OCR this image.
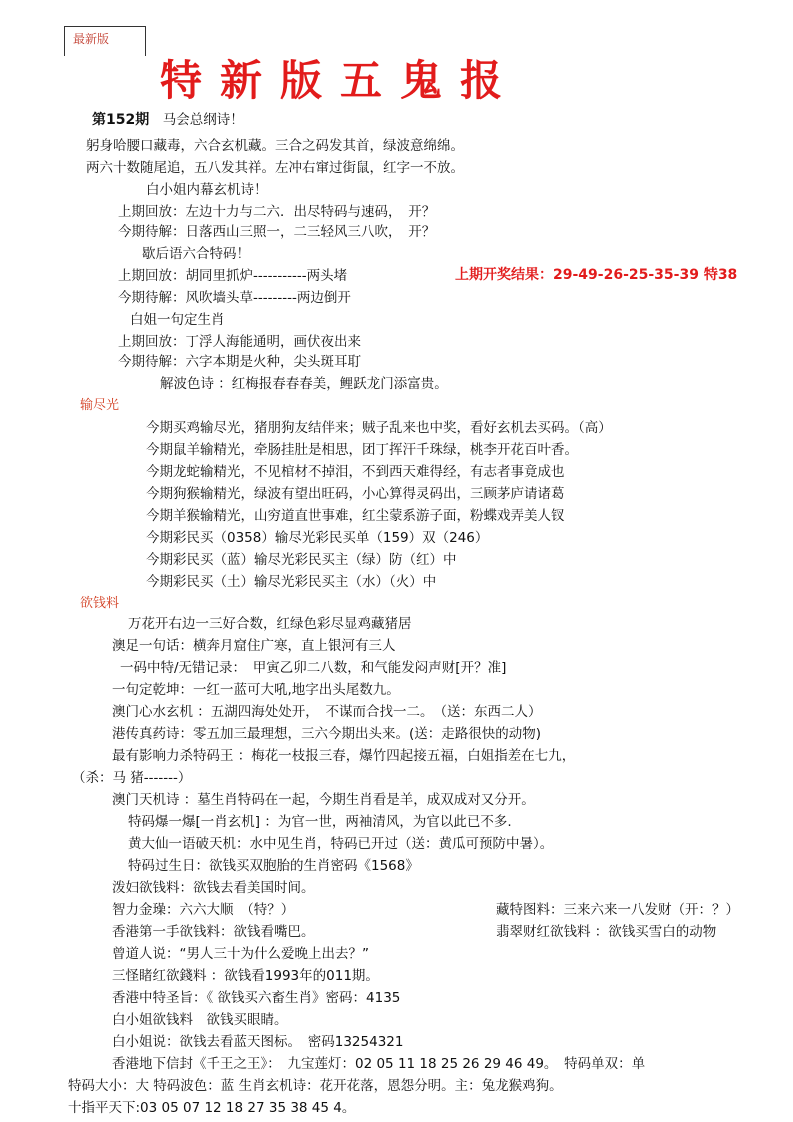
最新版
特新版五鬼报
第152期　 马会总纲诗！
躬身哈腰口藏毒，六合玄机藏。三合之码发其首，绿波意绵绵。
两六十数随尾追，五八发其祥。左冲右窜过街鼠，红字一不放。
白小姐内幕玄机诗！
上期回放：左边十力与二六．出尽特码与速码，　开？
今期待解：日落西山三照一，二三轻风三八吹，　开？
歇后语六合特码！
上期回放：胡同里抓炉-----------两头堵	上期开奖结果：29-49-26-25-35-39 特38
今期待解：风吹墙头草---------两边倒开
白姐一句定生肖
上期回放：丁浮人海能通明，画伏夜出来
今期待解：六字本期是火种，尖头斑耳耵
解波色诗 ：红梅报春春春美，鲤跃龙门添富贵。
输尽光
今期买鸡输尽光，猪朋狗友结伴来；贼子乱来也中奖，看好玄机去买码。（高）
今期鼠羊输精光，牵肠挂肚是相思，团丁挥汗千珠绿，桃李开花百叶香。
今期龙蛇输精光，不见棺材不掉泪，不到西天难得经，有志者事竟成也
今期狗猴输精光，绿波有望出旺码，小心算得灵码出，三顾茅庐请诸葛
今期羊猴输精光，山穷道直世事难，红尘蒙系游子面，粉蝶戏弄美人钗
今期彩民买（0358）输尽光彩民买单（159）双（246）
今期彩民买（蓝）输尽光彩民买主（绿）防（红）中
今期彩民买（土）输尽光彩民买主（水）（火）中
欲钱料
万花开右边一三好合数，红绿色彩尽显鸡藏猪居
澳足一句话：横奔月窟住广寒，直上银河有三人
一码中特/无错记录：　甲寅乙卯二八数，和气能发闷声财[开？准]
一句定乾坤：一红一蓝可大吼,地字出头尾数九。
澳门心水玄机 ：五湖四海处处开，　不谋而合找一二。　（送：东西二人）
港传真药诗：零五加三最理想，三六今期出头来。(送：走路很快的动物)
最有影响力杀特码王 ：梅花一枝报三春，爆竹四起接五福，白姐指差在七九，
（杀：马 猪-------）
澳门天机诗 ：墓生肖特码在一起，今期生肖看是羊，成双成对又分开。
特码爆一爆[一肖玄机] ：为官一世，两袖清风，为官以此已不多.
黄大仙一语破天机：水中见生肖，特码已开过（送：黄瓜可预防中暑）。
特码过生日：欲钱买双胞胎的生肖密码《1568》
泼妇欲钱料：欲钱去看美国时间。
智力金璪：六六大顺　（特？）	藏特图料：三来六来一八发财（开：？）
香港第一手欲钱料：欲钱看嘴巴。	翡翠财红欲钱料 ：欲钱买雪白的动物
曾道人说：“男人三十为什么爱晚上出去？”
三怪睹红欲錢料 ：欲钱看1993年的011期。
香港中特圣旨：《 欲钱买六畜生肖》密码：4135
白小姐欲钱料　欲钱买眼睛。
白小姐说：欲钱去看蓝天图标。　密码13254321
香港地下信封《千王之王》：　九宝莲灯：02 05 11 18 25 26 29 46 49。　特码单双：单
特码大小：大 特码波色：蓝 生肖玄机诗：花开花落，恩怨分明。主：兔龙猴鸡狗。
十指平天下:03 05 07 12 18 27 35 38 45 4。
